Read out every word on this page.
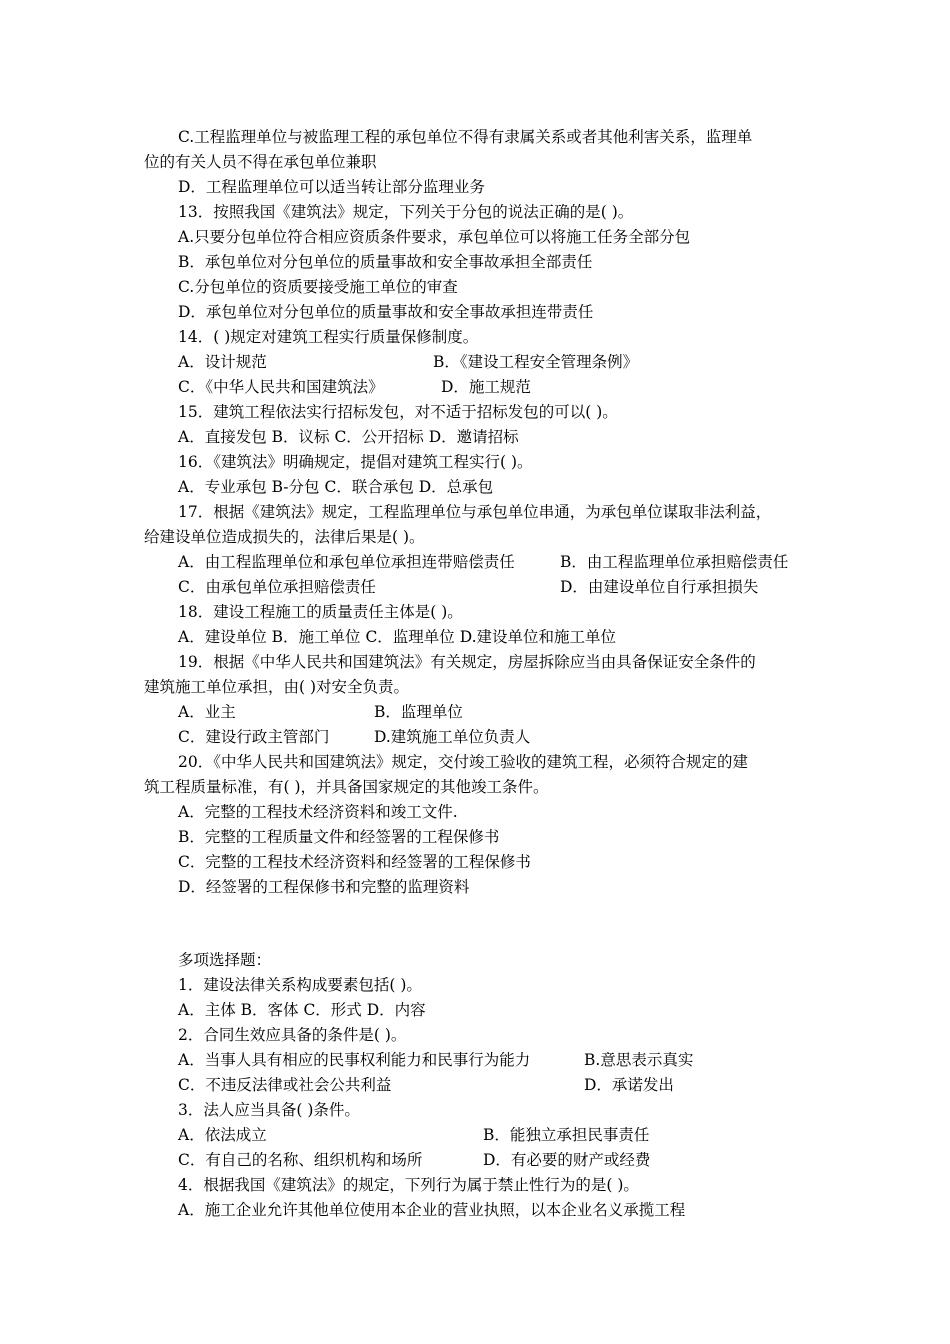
C.工程监理单位与被监理工程的承包单位不得有隶属关系或者其他利害关系，监理单
位的有关人员不得在承包单位兼职
D．工程监理单位可以适当转让部分监理业务
13．按照我国《建筑法》规定，下列关于分包的说法正确的是( )。
A.只要分包单位符合相应资质条件要求，承包单位可以将施工任务全部分包
B．承包单位对分包单位的质量事故和安全事故承担全部责任
C.分包单位的资质要接受施工单位的审查
D．承包单位对分包单位的质量事故和安全事故承担连带责任
14．( )规定对建筑工程实行质量保修制度。
A．设计规范	B．《建设工程安全管理条例》
C．《中华人民共和国建筑法》	D．施工规范
15．建筑工程依法实行招标发包，对不适于招标发包的可以( )。
A．直接发包 B．议标 C．公开招标 D．邀请招标
16．《建筑法》明确规定，提倡对建筑工程实行( )。
A．专业承包 B-分包 C．联合承包 D．总承包
17．根据《建筑法》规定，工程监理单位与承包单位串通，为承包单位谋取非法利益，
给建设单位造成损失的，法律后果是( )。
A．由工程监理单位和承包单位承担连带赔偿责任	B．由工程监理单位承担赔偿责任
C．由承包单位承担赔偿责任	D．由建设单位自行承担损失
18．建设工程施工的质量责任主体是( )。
A．建设单位 B．施工单位 C．监理单位 D.建设单位和施工单位
19．根据《中华人民共和国建筑法》有关规定，房屋拆除应当由具备保证安全条件的
建筑施工单位承担，由( )对安全负责。
A．业主	B．监理单位
C．建设行政主管部门	D.建筑施工单位负责人
20．《中华人民共和国建筑法》规定，交付竣工验收的建筑工程，必须符合规定的建
筑工程质量标准，有( )，并具备国家规定的其他竣工条件。
A．完整的工程技术经济资料和竣工文件.
B．完整的工程质量文件和经签署的工程保修书
C．完整的工程技术经济资料和经签署的工程保修书
D．经签署的工程保修书和完整的监理资料
多项选择题：
1．建设法律关系构成要素包括( )。
A．主体 B．客体 C．形式 D．内容
2．合同生效应具备的条件是( )。
A．当事人具有相应的民事权利能力和民事行为能力	B.意思表示真实
C．不违反法律或社会公共利益	D．承诺发出
3．法人应当具备( )条件。
A．依法成立	B．能独立承担民事责任
C．有自己的名称、组织机构和场所	D．有必要的财产或经费
4．根据我国《建筑法》的规定，下列行为属于禁止性行为的是( )。
A．施工企业允许其他单位使用本企业的营业执照，以本企业名义承揽工程
